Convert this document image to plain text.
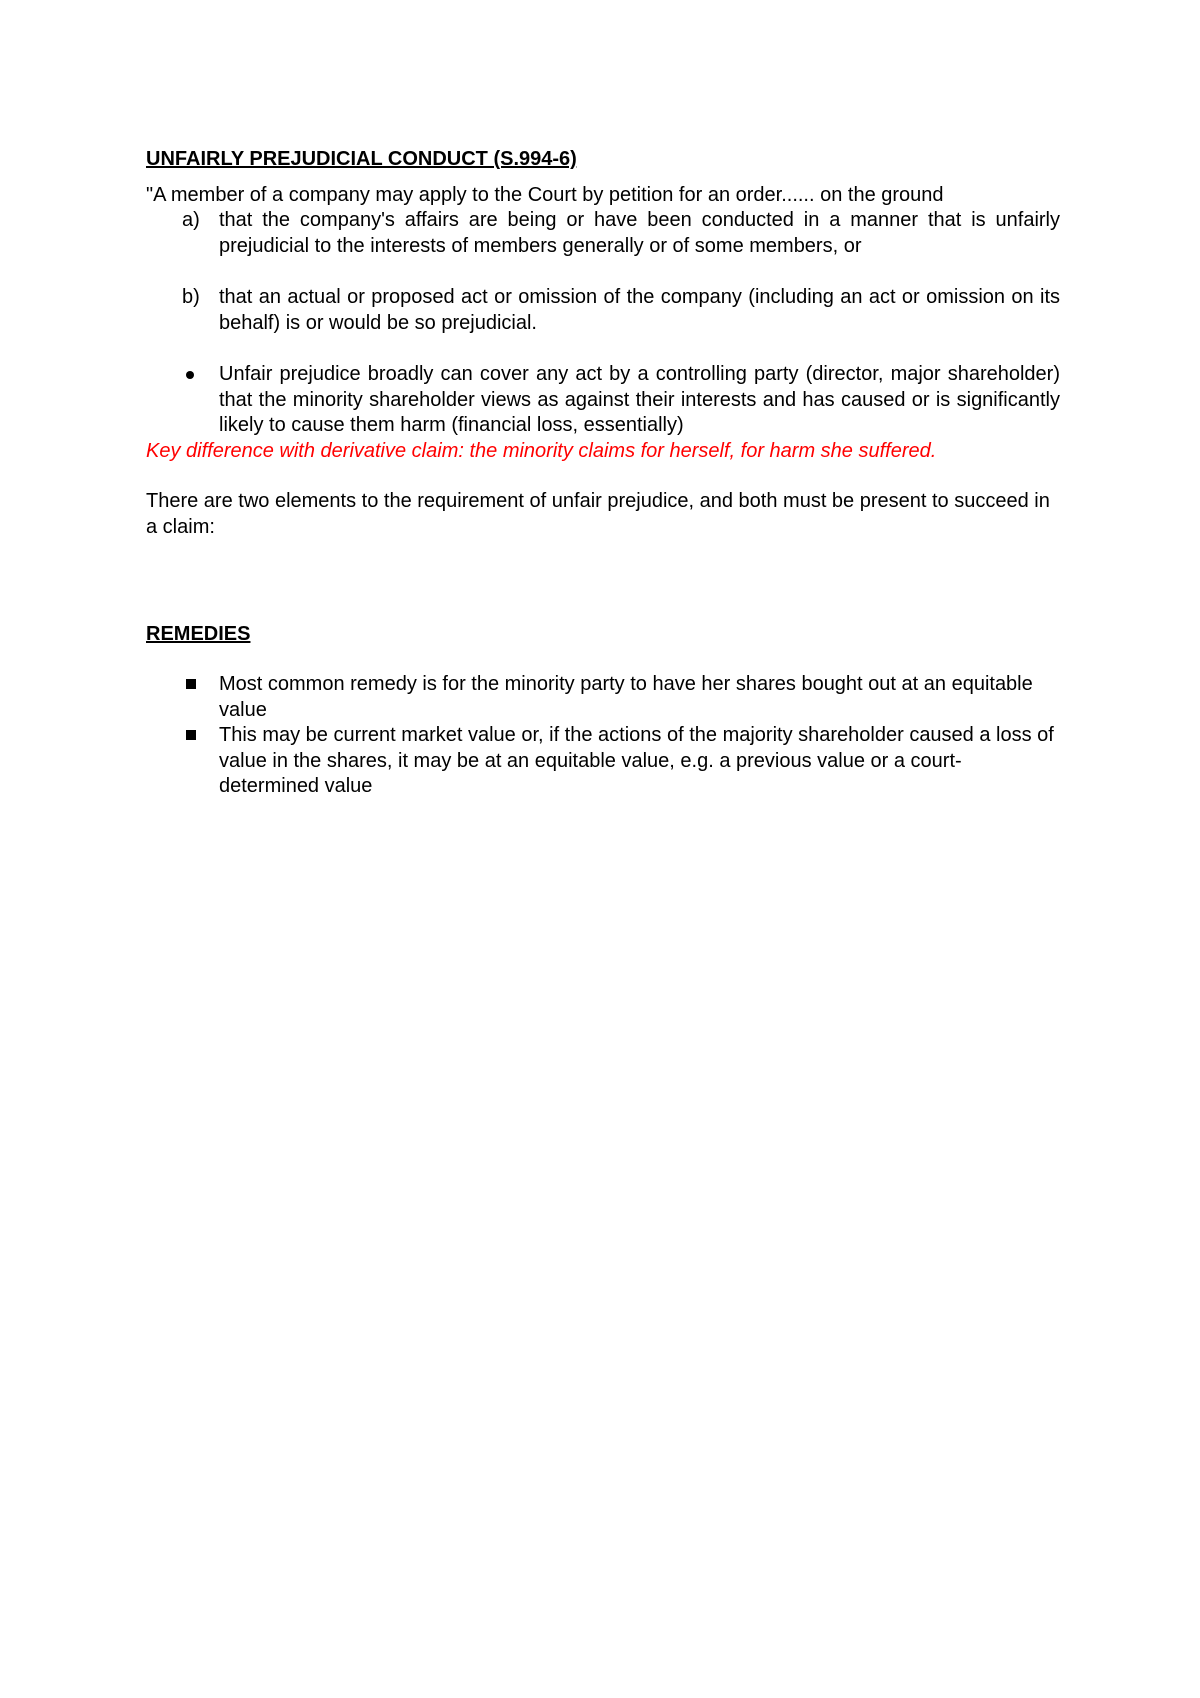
UNFAIRLY PREJUDICIAL CONDUCT (S.994-6)

"A member of a company may apply to the Court by petition for an order...... on the ground

a) that the company's affairs are being or have been conducted in a manner that is unfairly prejudicial to the interests of members generally or of some members, or
b) that an actual or proposed act or omission of the company (including an act or omission on its behalf) is or would be so prejudicial.
Unfair prejudice broadly can cover any act by a controlling party (director, major shareholder) that the minority shareholder views as against their interests and has caused or is significantly likely to cause them harm (financial loss, essentially)

Key difference with derivative claim: the minority claims for herself, for harm she suffered.

There are two elements to the requirement of unfair prejudice, and both must be present to succeed in a claim:

REMEDIES

Most common remedy is for the minority party to have her shares bought out at an equitable value
This may be current market value or, if the actions of the majority shareholder caused a loss of value in the shares, it may be at an equitable value, e.g. a previous value or a court-determined value
